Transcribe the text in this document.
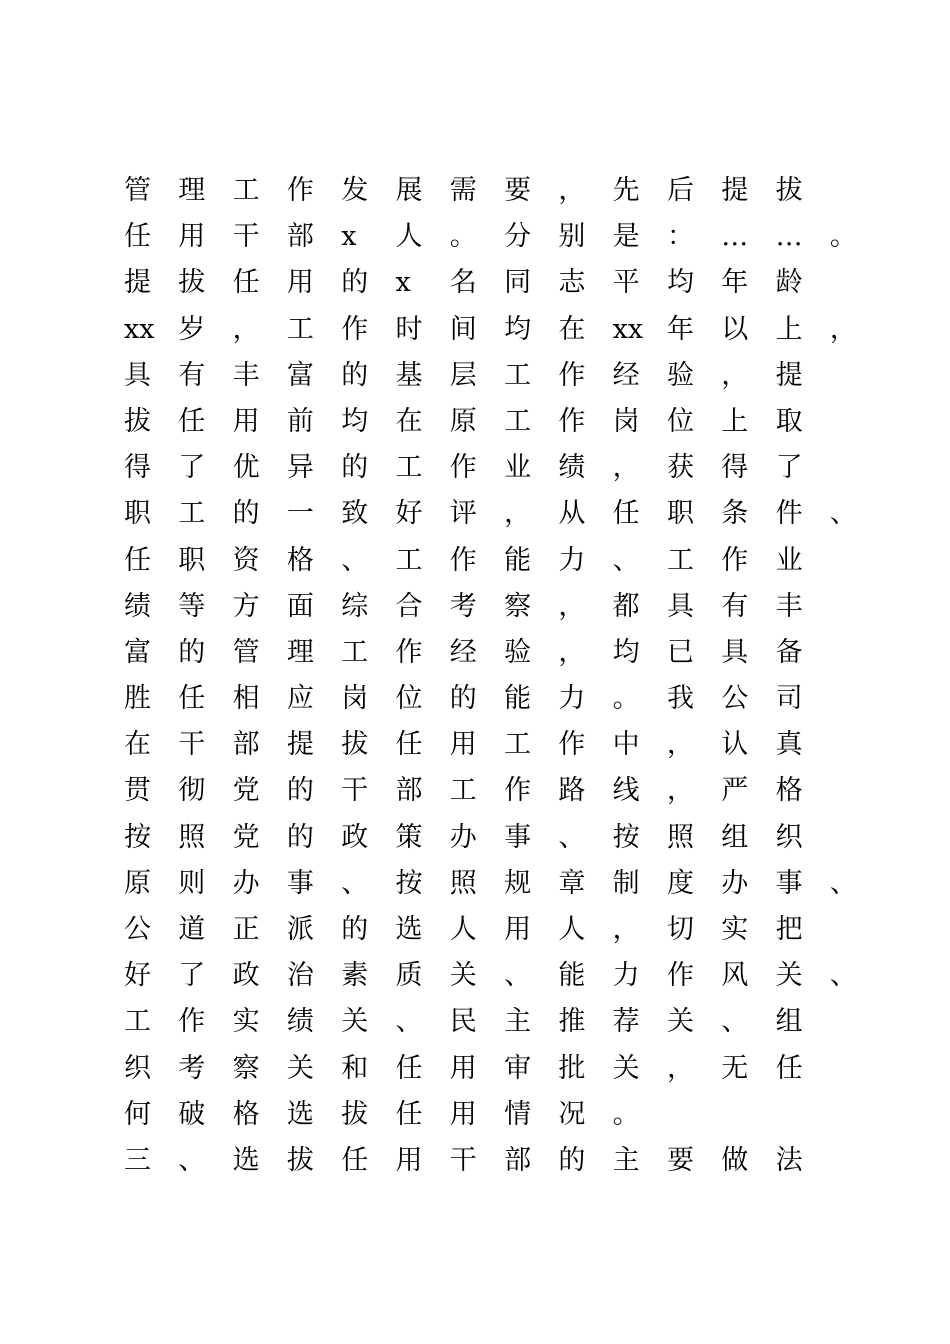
管	理	工	作	发	展	需	要	，	先	后	提	拔
任	用	干	部	x	人	。	分	别	是	：	…	…	。
提	拔	任	用	的	x	名	同	志	平	均	年	龄
xx 岁	，	工	作	时	间	均	在	xx 年	以	上	，
具	有	丰	富	的	基	层	工	作	经	验	，	提
拔	任	用	前	均	在	原	工	作	岗	位	上	取
得	了	优	异	的	工	作	业	绩	，	获	得	了
职	工	的	一	致	好	评	，	从	任	职	条	件	、
任	职	资	格	、	工	作	能	力	、	工	作	业
绩	等	方	面	综	合	考	察	，	都	具	有	丰
富	的	管	理	工	作	经	验	，	均	已	具	备
胜	任	相	应	岗	位	的	能	力	。	我	公	司
在	干	部	提	拔	任	用	工	作	中	，	认	真
贯	彻	党	的	干	部	工	作	路	线	，	严	格
按	照	党	的	政	策	办	事	、	按	照	组	织
原	则	办	事	、	按	照	规	章	制	度	办	事	、
公	道	正	派	的	选	人	用	人	，	切	实	把
好	了	政	治	素	质	关	、	能	力	作	风	关	、
工	作	实	绩	关	、	民	主	推	荐	关	、	组
织	考	察	关	和	任	用	审	批	关	，	无	任
何	破	格	选	拔	任	用	情	况	。
三	、	选	拔	任	用	干	部	的	主	要	做	法
